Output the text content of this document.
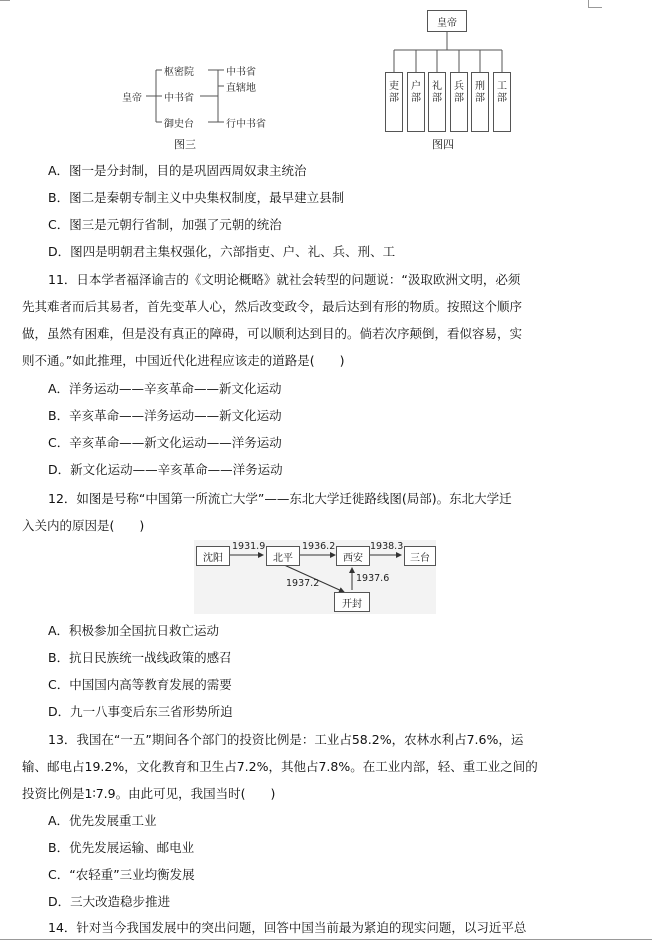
皇帝
枢密院
中书省
御史台
中书省
直辖地
行中书省
图三
皇帝
吏部
户部
礼部
兵部
刑部
工部
图四
A．图一是分封制，目的是巩固西周奴隶主统治
B．图二是秦朝专制主义中央集权制度，最早建立县制
C．图三是元朝行省制，加强了元朝的统治
D．图四是明朝君主集权强化，六部指吏、户、礼、兵、刑、工
11．日本学者福泽谕吉的《文明论概略》就社会转型的问题说：“汲取欧洲文明，必须
先其难者而后其易者，首先变革人心，然后改变政令，最后达到有形的物质。按照这个顺序
做，虽然有困难，但是没有真正的障碍，可以顺利达到目的。倘若次序颠倒，看似容易，实
则不通。”如此推理，中国近代化进程应该走的道路是(　　)
A．洋务运动——辛亥革命——新文化运动
B．辛亥革命——洋务运动——新文化运动
C．辛亥革命——新文化运动——洋务运动
D．新文化运动——辛亥革命——洋务运动
12．如图是号称“中国第一所流亡大学”——东北大学迁徙路线图(局部)。东北大学迁
入关内的原因是(　　)
沈阳	北平	西安	三台
开封
1931.9	1936.2	1938.3
1937.2	1937.6
A．积极参加全国抗日救亡运动
B．抗日民族统一战线政策的感召
C．中国国内高等教育发展的需要
D．九一八事变后东三省形势所迫
13．我国在“一五”期间各个部门的投资比例是：工业占58.2%，农林水利占7.6%，运
输、邮电占19.2%，文化教育和卫生占7.2%，其他占7.8%。在工业内部，轻、重工业之间的
投资比例是1∶7.9。由此可见，我国当时(　　)
A．优先发展重工业
B．优先发展运输、邮电业
C．“农轻重”三业均衡发展
D．三大改造稳步推进
14．针对当今我国发展中的突出问题，回答中国当前最为紧迫的现实问题，以习近平总
